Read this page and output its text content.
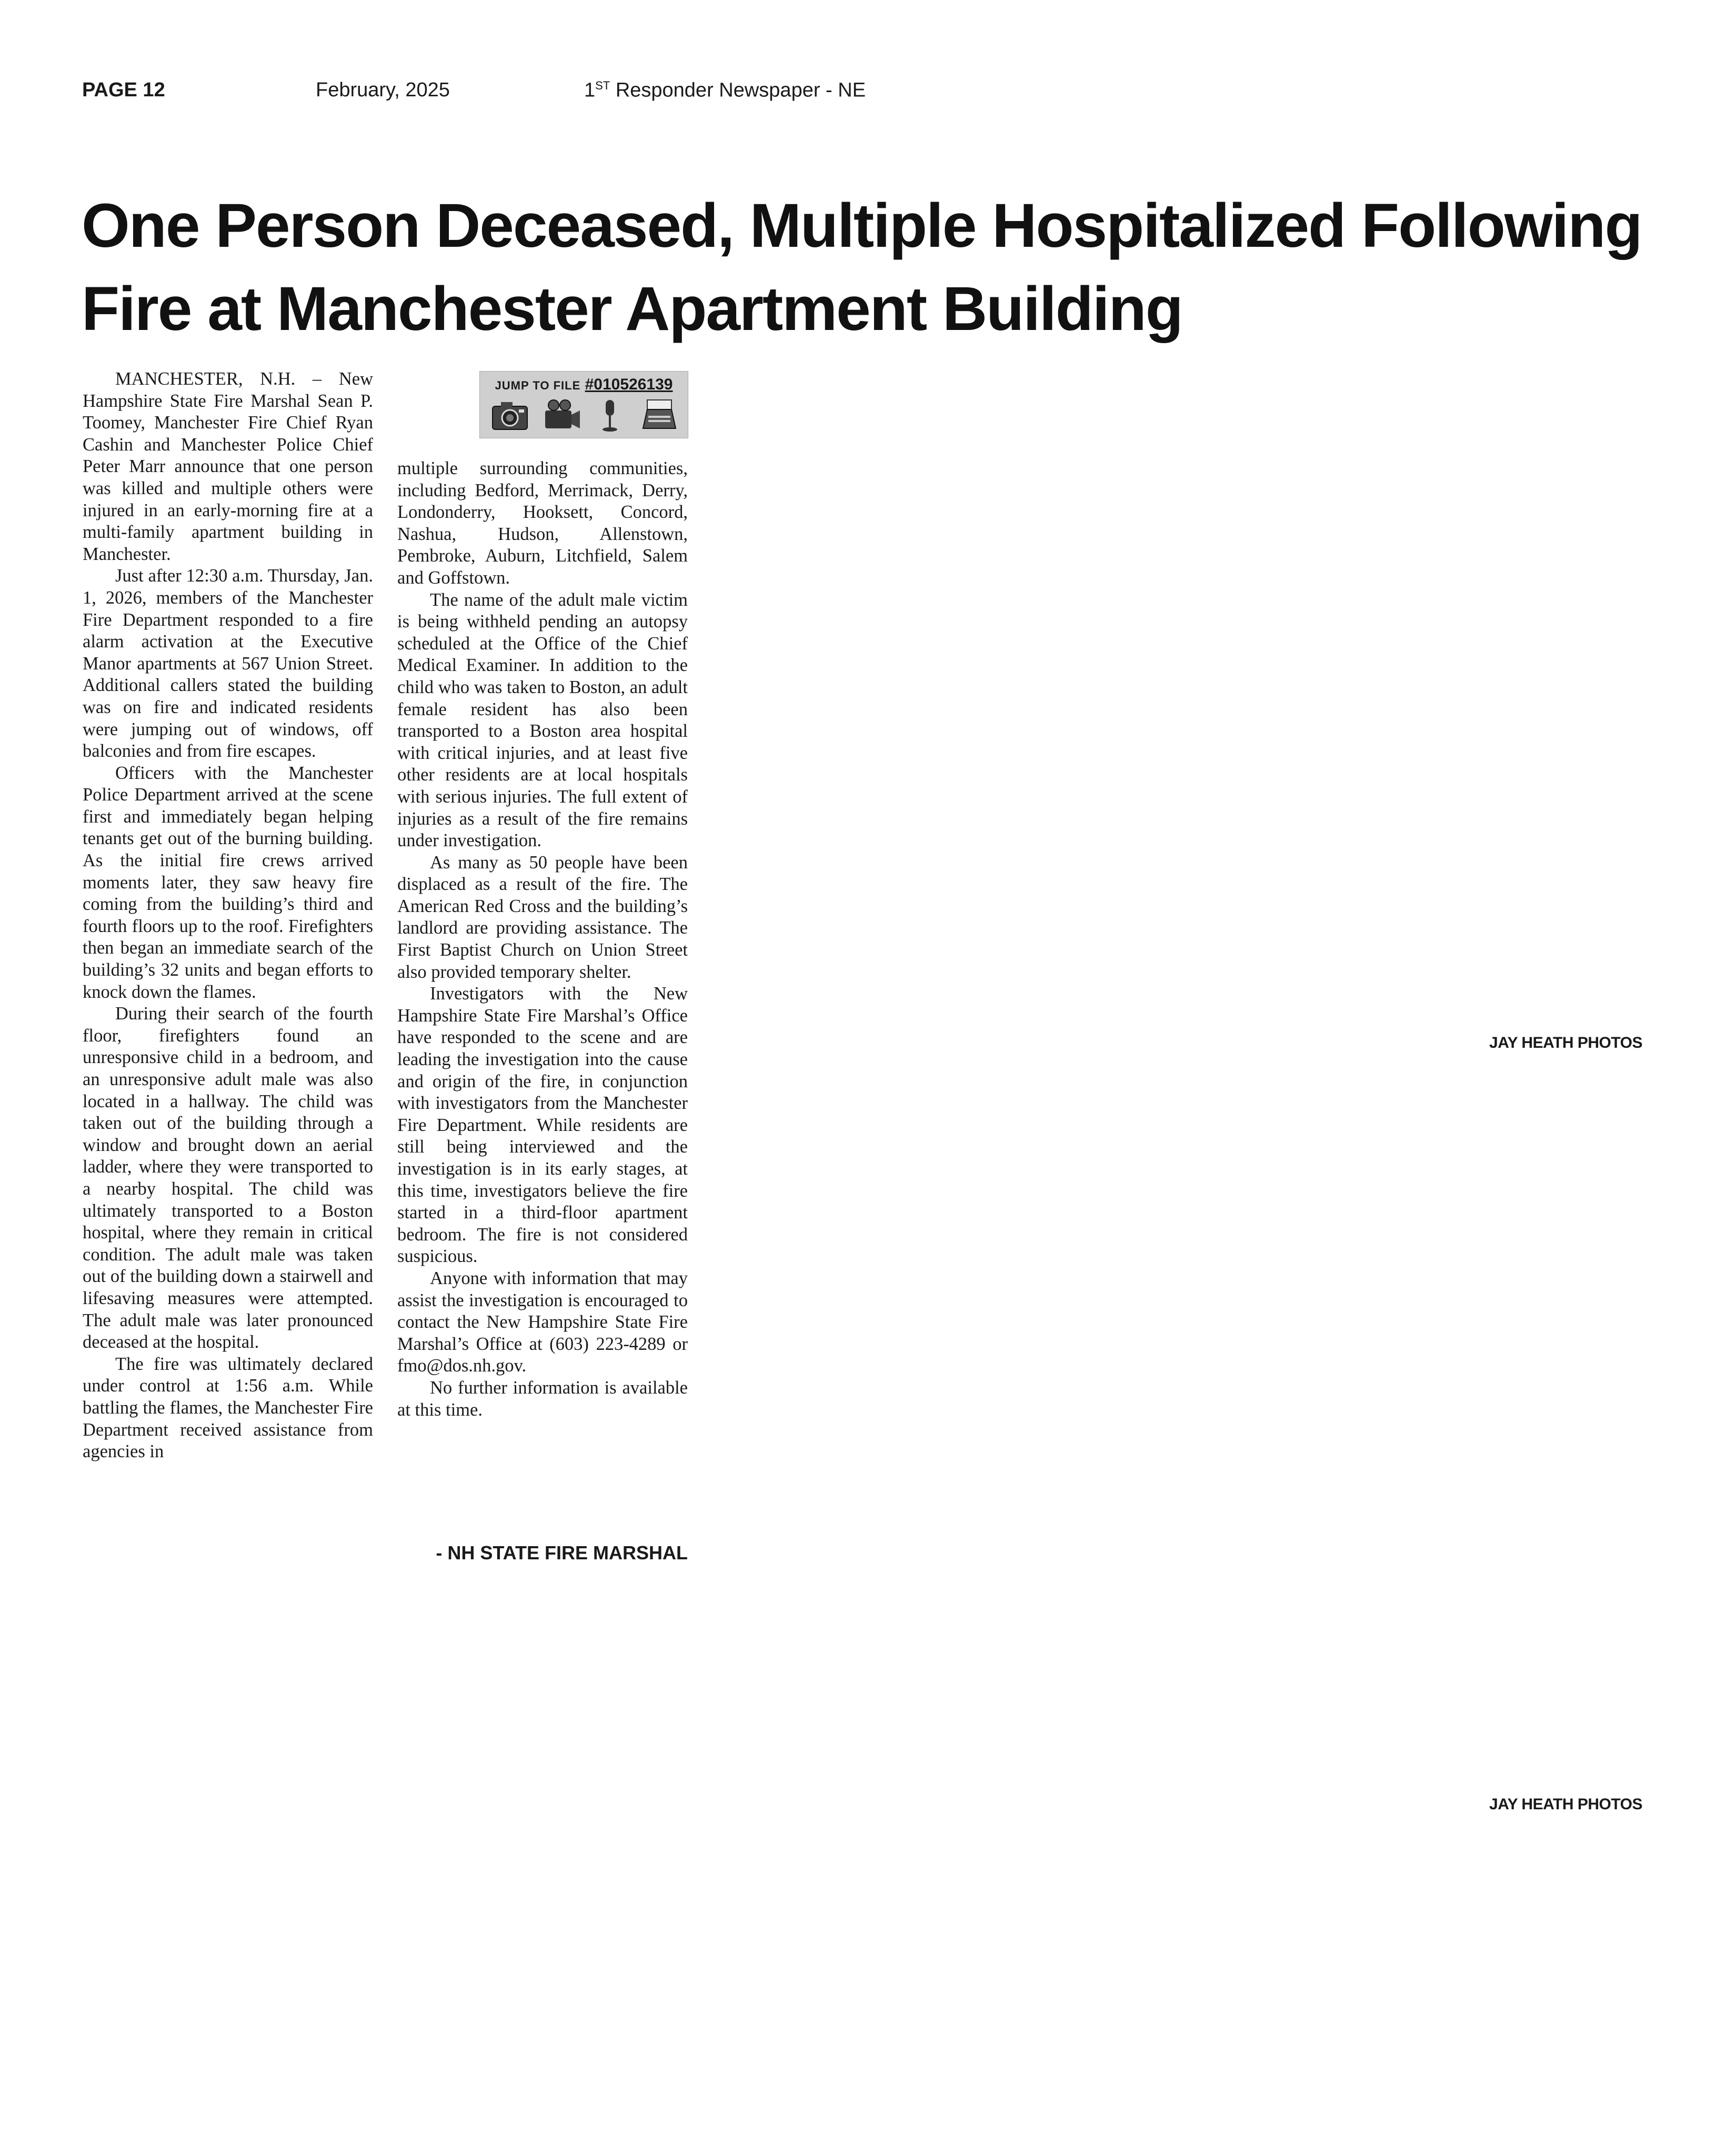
PAGE 12	February, 2025	1ST Responder Newspaper - NE
One Person Deceased, Multiple Hospitalized Following Fire at Manchester Apartment Building

MANCHESTER, N.H. – New Hampshire State Fire Marshal Sean P. Toomey, Manchester Fire Chief Ryan Cashin and Manchester Police Chief Peter Marr announce that one person was killed and multiple others were injured in an early-morning fire at a multi-family apartment building in Manchester.

Just after 12:30 a.m. Thursday, Jan. 1, 2026, members of the Manchester Fire Department responded to a fire alarm activation at the Executive Manor apartments at 567 Union Street. Additional callers stated the building was on fire and indicated residents were jumping out of windows, off balconies and from fire escapes.

Officers with the Manchester Police Department arrived at the scene first and immediately began helping tenants get out of the burning building. As the initial fire crews arrived moments later, they saw heavy fire coming from the building’s third and fourth floors up to the roof. Firefighters then began an immediate search of the building’s 32 units and began efforts to knock down the flames.

During their search of the fourth floor, firefighters found an unresponsive child in a bedroom, and an unresponsive adult male was also located in a hallway. The child was taken out of the building through a window and brought down an aerial ladder, where they were transported to a nearby hospital. The child was ultimately transported to a Boston hospital, where they remain in critical condition. The adult male was taken out of the building down a stairwell and lifesaving measures were attempted. The adult male was later pronounced deceased at the hospital.

The fire was ultimately declared under control at 1:56 a.m. While battling the flames, the Manchester Fire Department received assistance from agencies in

JUMP TO FILE #010526139

multiple surrounding communities, including Bedford, Merrimack, Derry, Londonderry, Hooksett, Concord, Nashua, Hudson, Allenstown, Pembroke, Auburn, Litchfield, Salem and Goffstown.

The name of the adult male victim is being withheld pending an autopsy scheduled at the Office of the Chief Medical Examiner. In addition to the child who was taken to Boston, an adult female resident has also been transported to a Boston area hospital with critical injuries, and at least five other residents are at local hospitals with serious injuries. The full extent of injuries as a result of the fire remains under investigation.

As many as 50 people have been displaced as a result of the fire. The American Red Cross and the building’s landlord are providing assistance. The First Baptist Church on Union Street also provided temporary shelter.

Investigators with the New Hampshire State Fire Marshal’s Office have responded to the scene and are leading the investigation into the cause and origin of the fire, in conjunction with investigators from the Manchester Fire Department. While residents are still being interviewed and the investigation is in its early stages, at this time, investigators believe the fire started in a third-floor apartment bedroom. The fire is not considered suspicious.

Anyone with information that may assist the investigation is encouraged to contact the New Hampshire State Fire Marshal’s Office at (603) 223-4289 or fmo@dos.nh.gov.

No further information is available at this time.

- NH STATE FIRE MARSHAL
JAY HEATH PHOTOS
JAY HEATH PHOTOS
